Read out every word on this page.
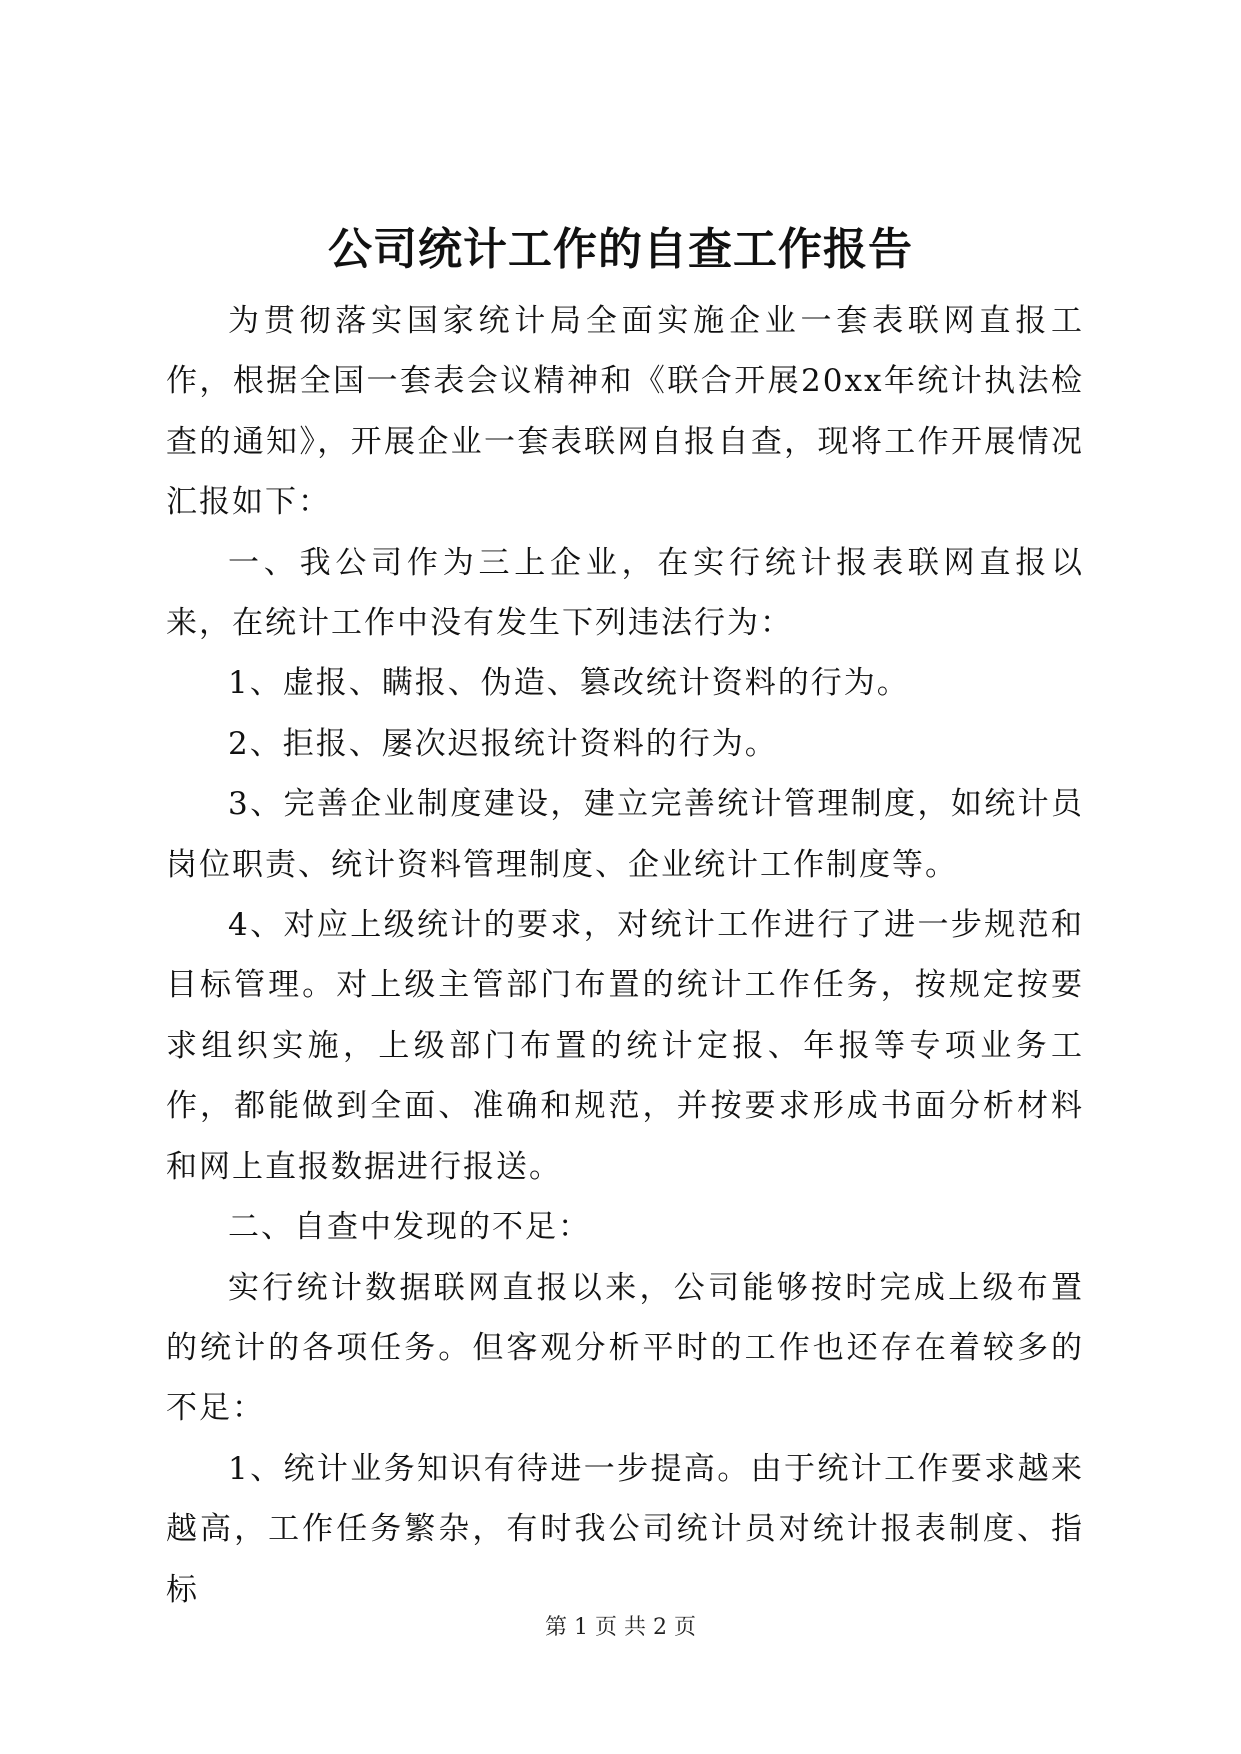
公司统计工作的自查工作报告

为贯彻落实国家统计局全面实施企业一套表联网直报工作，根据全国一套表会议精神和《联合开展20xx年统计执法检查的通知》，开展企业一套表联网自报自查，现将工作开展情况汇报如下：

一、我公司作为三上企业，在实行统计报表联网直报以来，在统计工作中没有发生下列违法行为：

1、虚报、瞒报、伪造、篡改统计资料的行为。

2、拒报、屡次迟报统计资料的行为。

3、完善企业制度建设，建立完善统计管理制度，如统计员岗位职责、统计资料管理制度、企业统计工作制度等。

4、对应上级统计的要求，对统计工作进行了进一步规范和目标管理。对上级主管部门布置的统计工作任务，按规定按要求组织实施，上级部门布置的统计定报、年报等专项业务工作，都能做到全面、准确和规范，并按要求形成书面分析材料和网上直报数据进行报送。

二、自查中发现的不足：

实行统计数据联网直报以来，公司能够按时完成上级布置的统计的各项任务。但客观分析平时的工作也还存在着较多的不足：

1、统计业务知识有待进一步提高。由于统计工作要求越来越高，工作任务繁杂，有时我公司统计员对统计报表制度、指标

第 1 页 共 2 页
